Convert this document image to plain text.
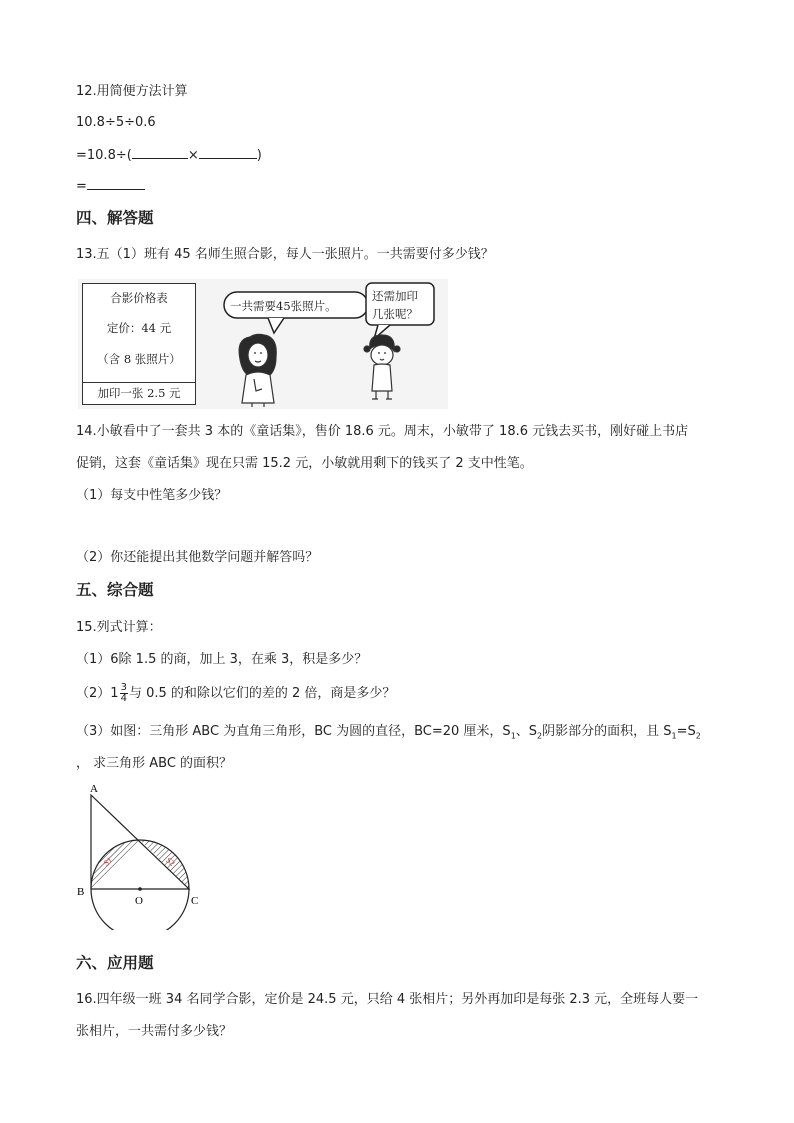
12.用简便方法计算
10.8÷5÷0.6
=10.8÷(	×	)
=
四、解答题
13.五（1）班有 45 名师生照合影，每人一张照片。一共需要付多少钱？
合影价格表
定价：44 元
（含 8 张照片）
加印一张 2.5 元
一共需要45张照片。
还需加印
几张呢？
14.小敏看中了一套共 3 本的《童话集》，售价 18.6 元。周末，小敏带了 18.6 元钱去买书，刚好碰上书店
促销，这套《童话集》现在只需 15.2 元，小敏就用剩下的钱买了 2 支中性笔。
（1）每支中性笔多少钱？
（2）你还能提出其他数学问题并解答吗？
五、综合题
15.列式计算：
（1）6除 1.5 的商，加上 3，在乘 3，积是多少？
$(2)1 \frac{3}{4}$ 与 0.5 的和除以它们的差的 2 倍，商是多少？
（3）如图：三角形 ABC 为直角三角形，BC 为圆的直径，BC=20 厘米，$S_1$、$S_2$阴影部分的面积，且 $S_1=S_2$
， 求三角形 ABC 的面积？
A
B
O	C
S1	S2
六、应用题
16.四年级一班 34 名同学合影，定价是 24.5 元，只给 4 张相片；另外再加印是每张 2.3 元，全班每人要一
张相片，一共需付多少钱？
